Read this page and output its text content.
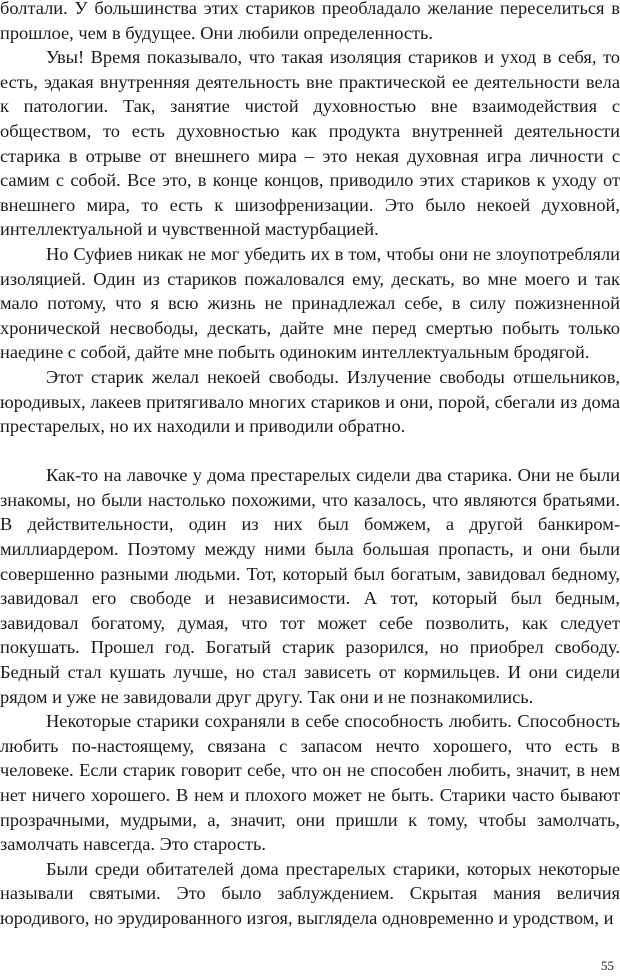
болтали. У большинства этих стариков преобладало желание переселиться в прошлое, чем в будущее. Они любили определенность.

Увы! Время показывало, что такая изоляция стариков и уход в себя, то есть, эдакая внутренняя деятельность вне практической ее деятельности вела к патологии. Так, занятие чистой духовностью вне взаимодействия с обществом, то есть духовностью как продукта внутренней деятельности старика в отрыве от внешнего мира – это некая духовная игра личности с самим с собой. Все это, в конце концов, приводило этих стариков к уходу от внешнего мира, то есть к шизофренизации. Это было некоей духовной, интеллектуальной и чувственной мастурбацией.

Но Суфиев никак не мог убедить их в том, чтобы они не злоупотребляли изоляцией. Один из стариков пожаловался ему, дескать, во мне моего и так мало потому, что я всю жизнь не принадлежал себе, в силу пожизненной хронической несвободы, дескать, дайте мне перед смертью побыть только наедине с собой, дайте мне побыть одиноким интеллектуальным бродягой.

Этот старик желал некоей свободы. Излучение свободы отшельников, юродивых, лакеев притягивало многих стариков и они, порой, сбегали из дома престарелых, но их находили и приводили обратно.

Как-то на лавочке у дома престарелых сидели два старика. Они не были знакомы, но были настолько похожими, что казалось, что являются братьями. В действительности, один из них был бомжем, а другой банкиром-миллиардером. Поэтому между ними была большая пропасть, и они были совершенно разными людьми. Тот, который был богатым, завидовал бедному, завидовал его свободе и независимости. А тот, который был бедным, завидовал богатому, думая, что тот может себе позволить, как следует покушать. Прошел год. Богатый старик разорился, но приобрел свободу. Бедный стал кушать лучше, но стал зависеть от кормильцев. И они сидели рядом и уже не завидовали друг другу. Так они и не познакомились.

Некоторые старики сохраняли в себе способность любить. Способность любить по-настоящему, связана с запасом нечто хорошего, что есть в человеке. Если старик говорит себе, что он не способен любить, значит, в нем нет ничего хорошего. В нем и плохого может не быть. Старики часто бывают прозрачными, мудрыми, а, значит, они пришли к тому, чтобы замолчать, замолчать навсегда. Это старость.

Были среди обитателей дома престарелых старики, которых некоторые называли святыми. Это было заблуждением. Скрытая мания величия юродивого, но эрудированного изгоя, выглядела одновременно и уродством, и

55
